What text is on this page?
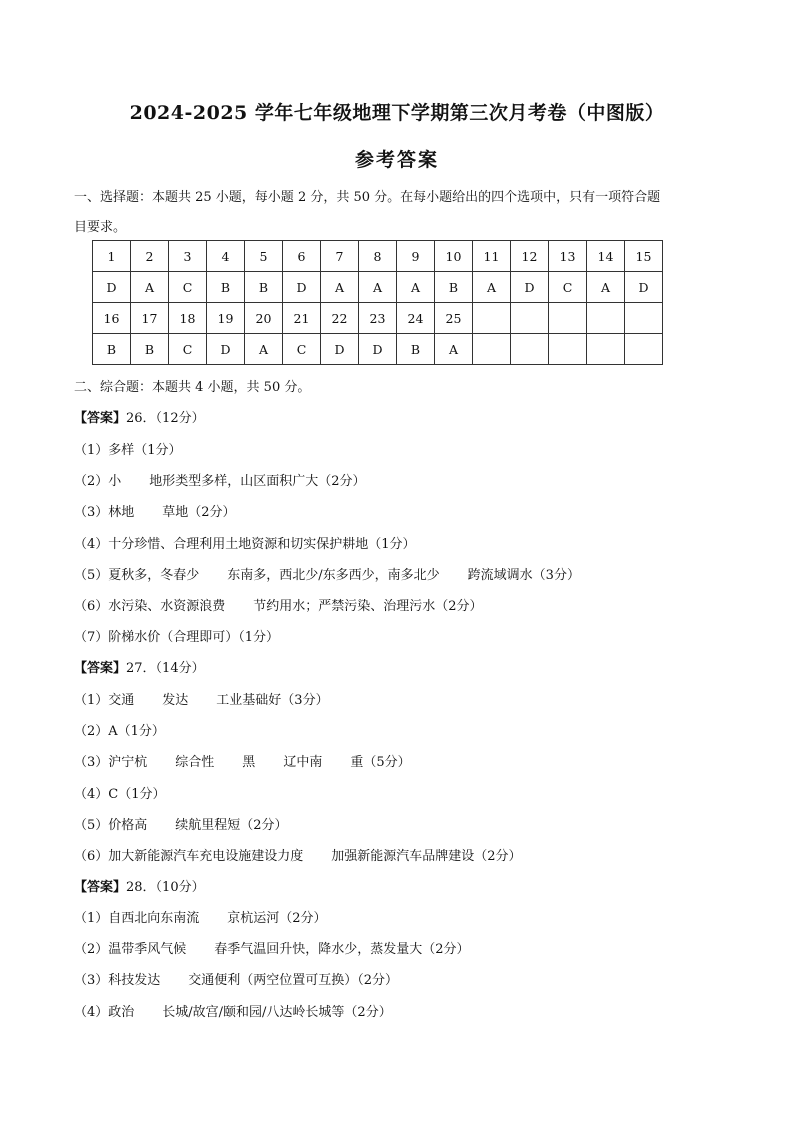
2024-2025 学年七年级地理下学期第三次月考卷（中图版）
参考答案
一、选择题：本题共 25 小题，每小题 2 分，共 50 分。在每小题给出的四个选项中，只有一项符合题
目要求。
1	2	3	4	5	6	7	8	9	10	11	12	13	14	15
D	A	C	B	B	D	A	A	A	B	A	D	C	A	D
16	17	18	19	20	21	22	23	24	25					
B	B	C	D	A	C	D	D	B	A					
二、综合题：本题共 4 小题，共 50 分。
【答案】26．（12分）
（1）多样（1分）
（2）小 地形类型多样，山区面积广大（2分）
（3）林地 草地（2分）
（4）十分珍惜、合理利用土地资源和切实保护耕地（1分）
（5）夏秋多，冬春少 东南多，西北少/东多西少，南多北少 跨流域调水（3分）
（6）水污染、水资源浪费 节约用水；严禁污染、治理污水（2分）
（7）阶梯水价（合理即可）（1分）
【答案】27．（14分）
（1）交通 发达 工业基础好（3分）
（2）A（1分）
（3）沪宁杭 综合性 黑 辽中南 重（5分）
（4）C（1分）
（5）价格高 续航里程短（2分）
（6）加大新能源汽车充电设施建设力度 加强新能源汽车品牌建设（2分）
【答案】28．（10分）
（1）自西北向东南流 京杭运河（2分）
（2）温带季风气候 春季气温回升快，降水少，蒸发量大（2分）
（3）科技发达 交通便利（两空位置可互换）（2分）
（4）政治 长城/故宫/颐和园/八达岭长城等（2分）
